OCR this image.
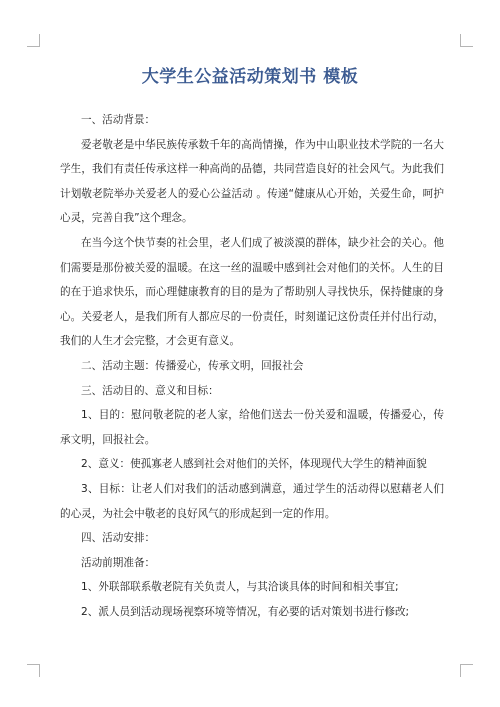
大学生公益活动策划书 模板

一、活动背景：

爱老敬老是中华民族传承数千年的高尚情操，作为中山职业技术学院的一名大学生，我们有责任传承这样一种高尚的品德，共同营造良好的社会风气。为此我们计划敬老院举办关爱老人的爱心公益活动 。传递“健康从心开始，关爱生命，呵护心灵，完善自我”这个理念。

在当今这个快节奏的社会里，老人们成了被淡漠的群体，缺少社会的关心。他们需要是那份被关爱的温暖。在这一丝的温暖中感到社会对他们的关怀。人生的目的在于追求快乐，而心理健康教育的目的是为了帮助别人寻找快乐，保持健康的身心。关爱老人，是我们所有人都应尽的一份责任，时刻谨记这份责任并付出行动，我们的人生才会完整，才会更有意义。

二、活动主题：传播爱心，传承文明，回报社会

三、活动目的、意义和目标：

1、目的：慰问敬老院的老人家，给他们送去一份关爱和温暖，传播爱心，传承文明，回报社会。

2、意义：使孤寡老人感到社会对他们的关怀，体现现代大学生的精神面貌

3、目标：让老人们对我们的活动感到满意，通过学生的活动得以慰藉老人们的心灵，为社会中敬老的良好风气的形成起到一定的作用。

四、活动安排：

活动前期准备：

1、外联部联系敬老院有关负责人，与其洽谈具体的时间和相关事宜;

2、派人员到活动现场视察环境等情况，有必要的话对策划书进行修改;
